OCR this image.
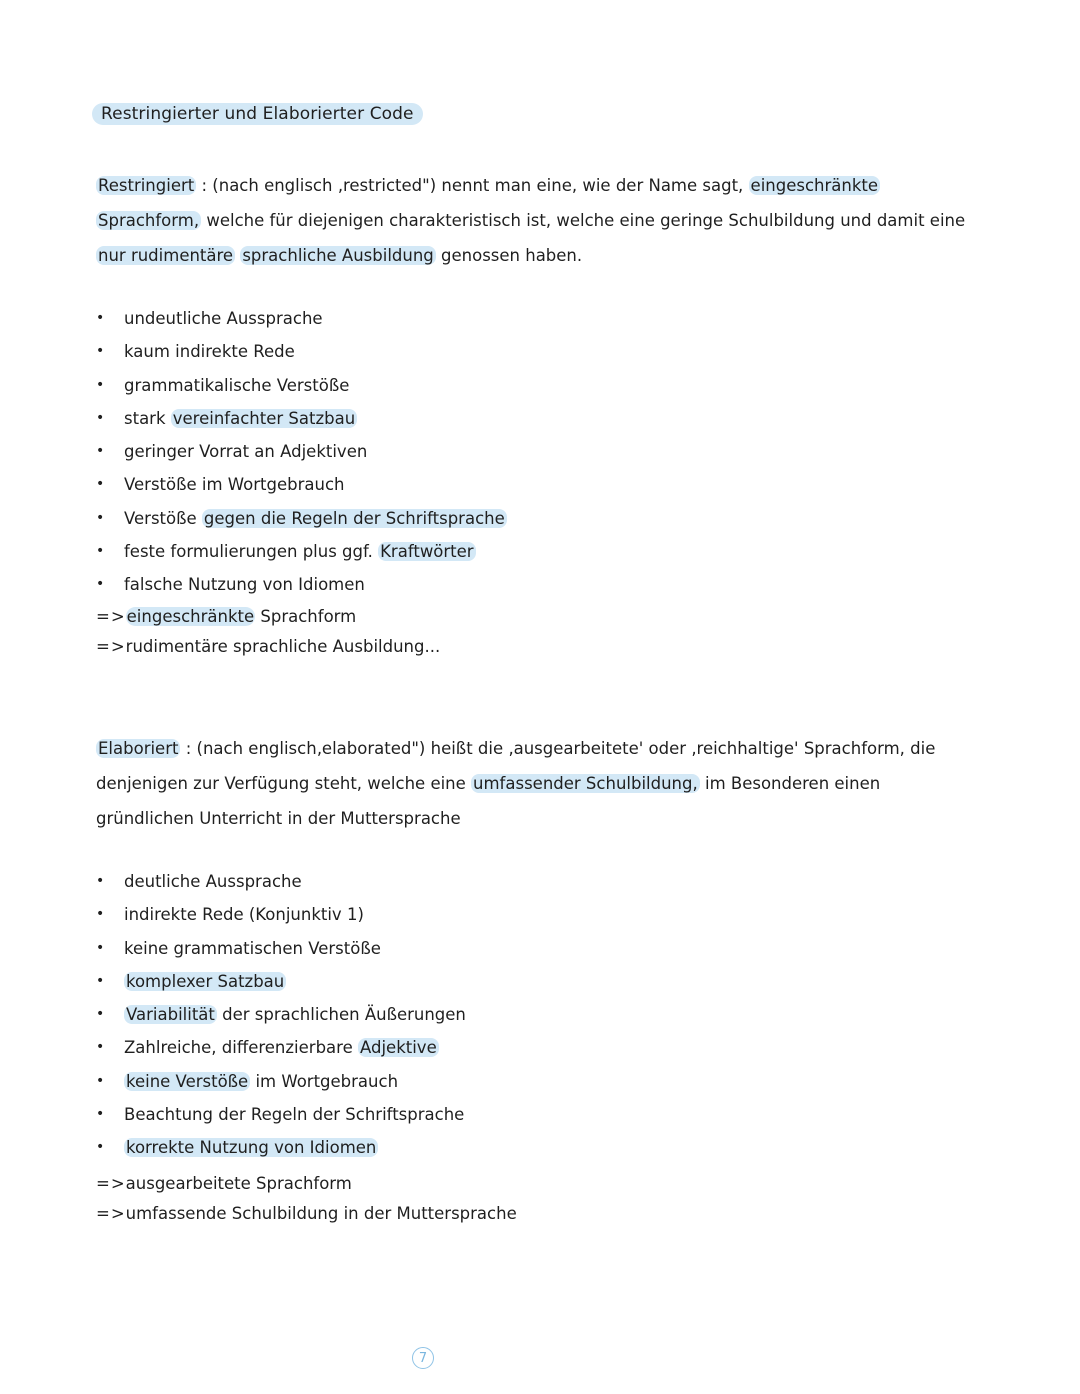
Restringierter und Elaborierter Code

Restringiert : (nach englisch ‚restricted") nennt man eine, wie der Name sagt, eingeschränkte Sprachform, welche für diejenigen charakteristisch ist, welche eine geringe Schulbildung und damit eine nur rudimentäre sprachliche Ausbildung genossen haben.

• undeutliche Aussprache
• kaum indirekte Rede
• grammatikalische Verstöße
• stark vereinfachter Satzbau
• geringer Vorrat an Adjektiven
• Verstöße im Wortgebrauch
• Verstöße gegen die Regeln der Schriftsprache
• feste formulierungen plus ggf. Kraftwörter
• falsche Nutzung von Idiomen
=>eingeschränkte Sprachform
=>rudimentäre sprachliche Ausbildung...

Elaboriert : (nach englisch‚elaborated") heißt die ‚ausgearbeitete' oder ‚reichhaltige' Sprachform, die denjenigen zur Verfügung steht, welche eine umfassender Schulbildung, im Besonderen einen gründlichen Unterricht in der Muttersprache

• deutliche Aussprache
• indirekte Rede (Konjunktiv 1)
• keine grammatischen Verstöße
• komplexer Satzbau
• Variabilität der sprachlichen Äußerungen
• Zahlreiche, differenzierbare Adjektive
• keine Verstöße im Wortgebrauch
• Beachtung der Regeln der Schriftsprache
• korrekte Nutzung von Idiomen
=>ausgearbeitete Sprachform
=>umfassende Schulbildung in der Muttersprache
7
